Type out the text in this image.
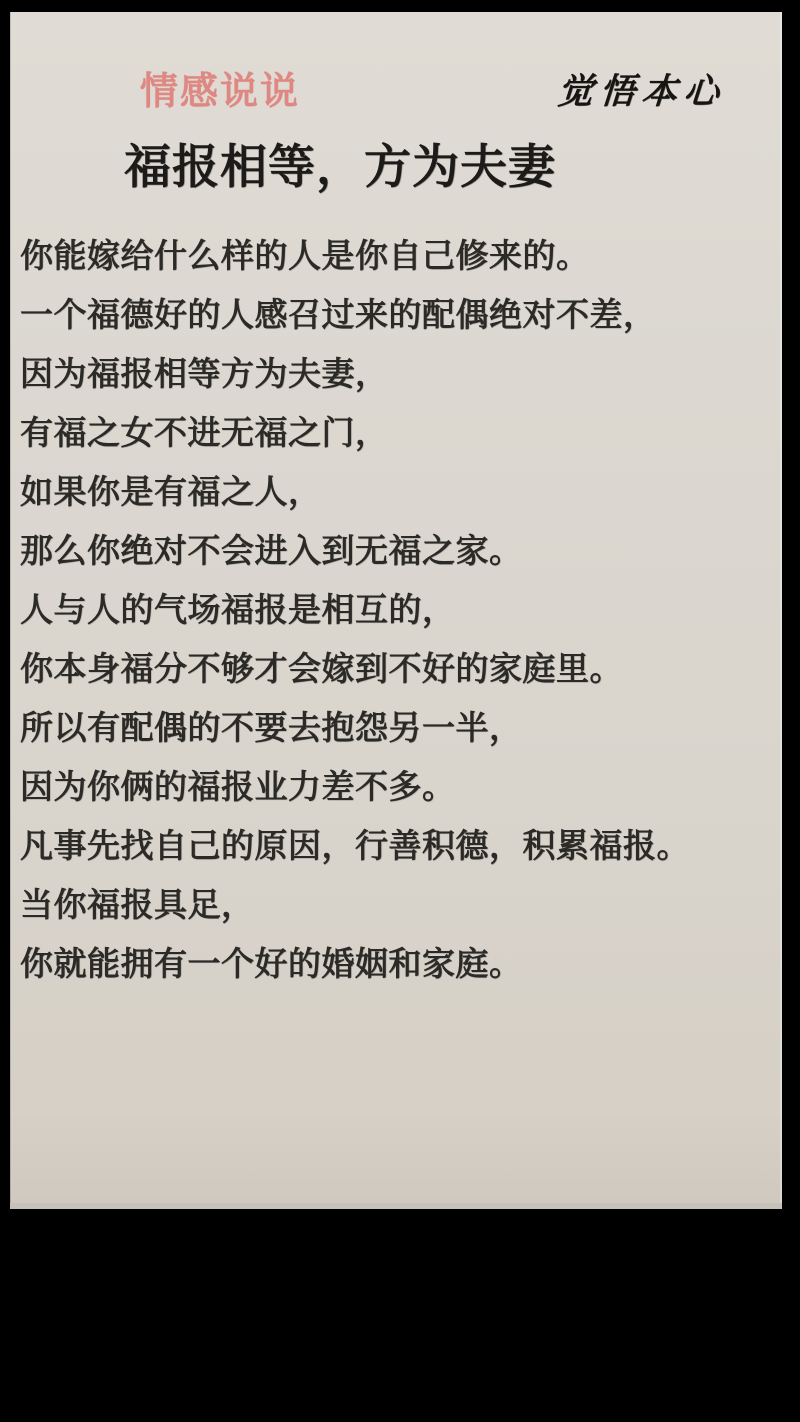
情感说说	觉悟本心
福报相等，方为夫妻

你能嫁给什么样的人是你自己修来的。

一个福德好的人感召过来的配偶绝对不差，

因为福报相等方为夫妻，

有福之女不进无福之门，

如果你是有福之人，

那么你绝对不会进入到无福之家。

人与人的气场福报是相互的，

你本身福分不够才会嫁到不好的家庭里。

所以有配偶的不要去抱怨另一半，

因为你俩的福报业力差不多。

凡事先找自己的原因，行善积德，积累福报。

当你福报具足，

你就能拥有一个好的婚姻和家庭。
